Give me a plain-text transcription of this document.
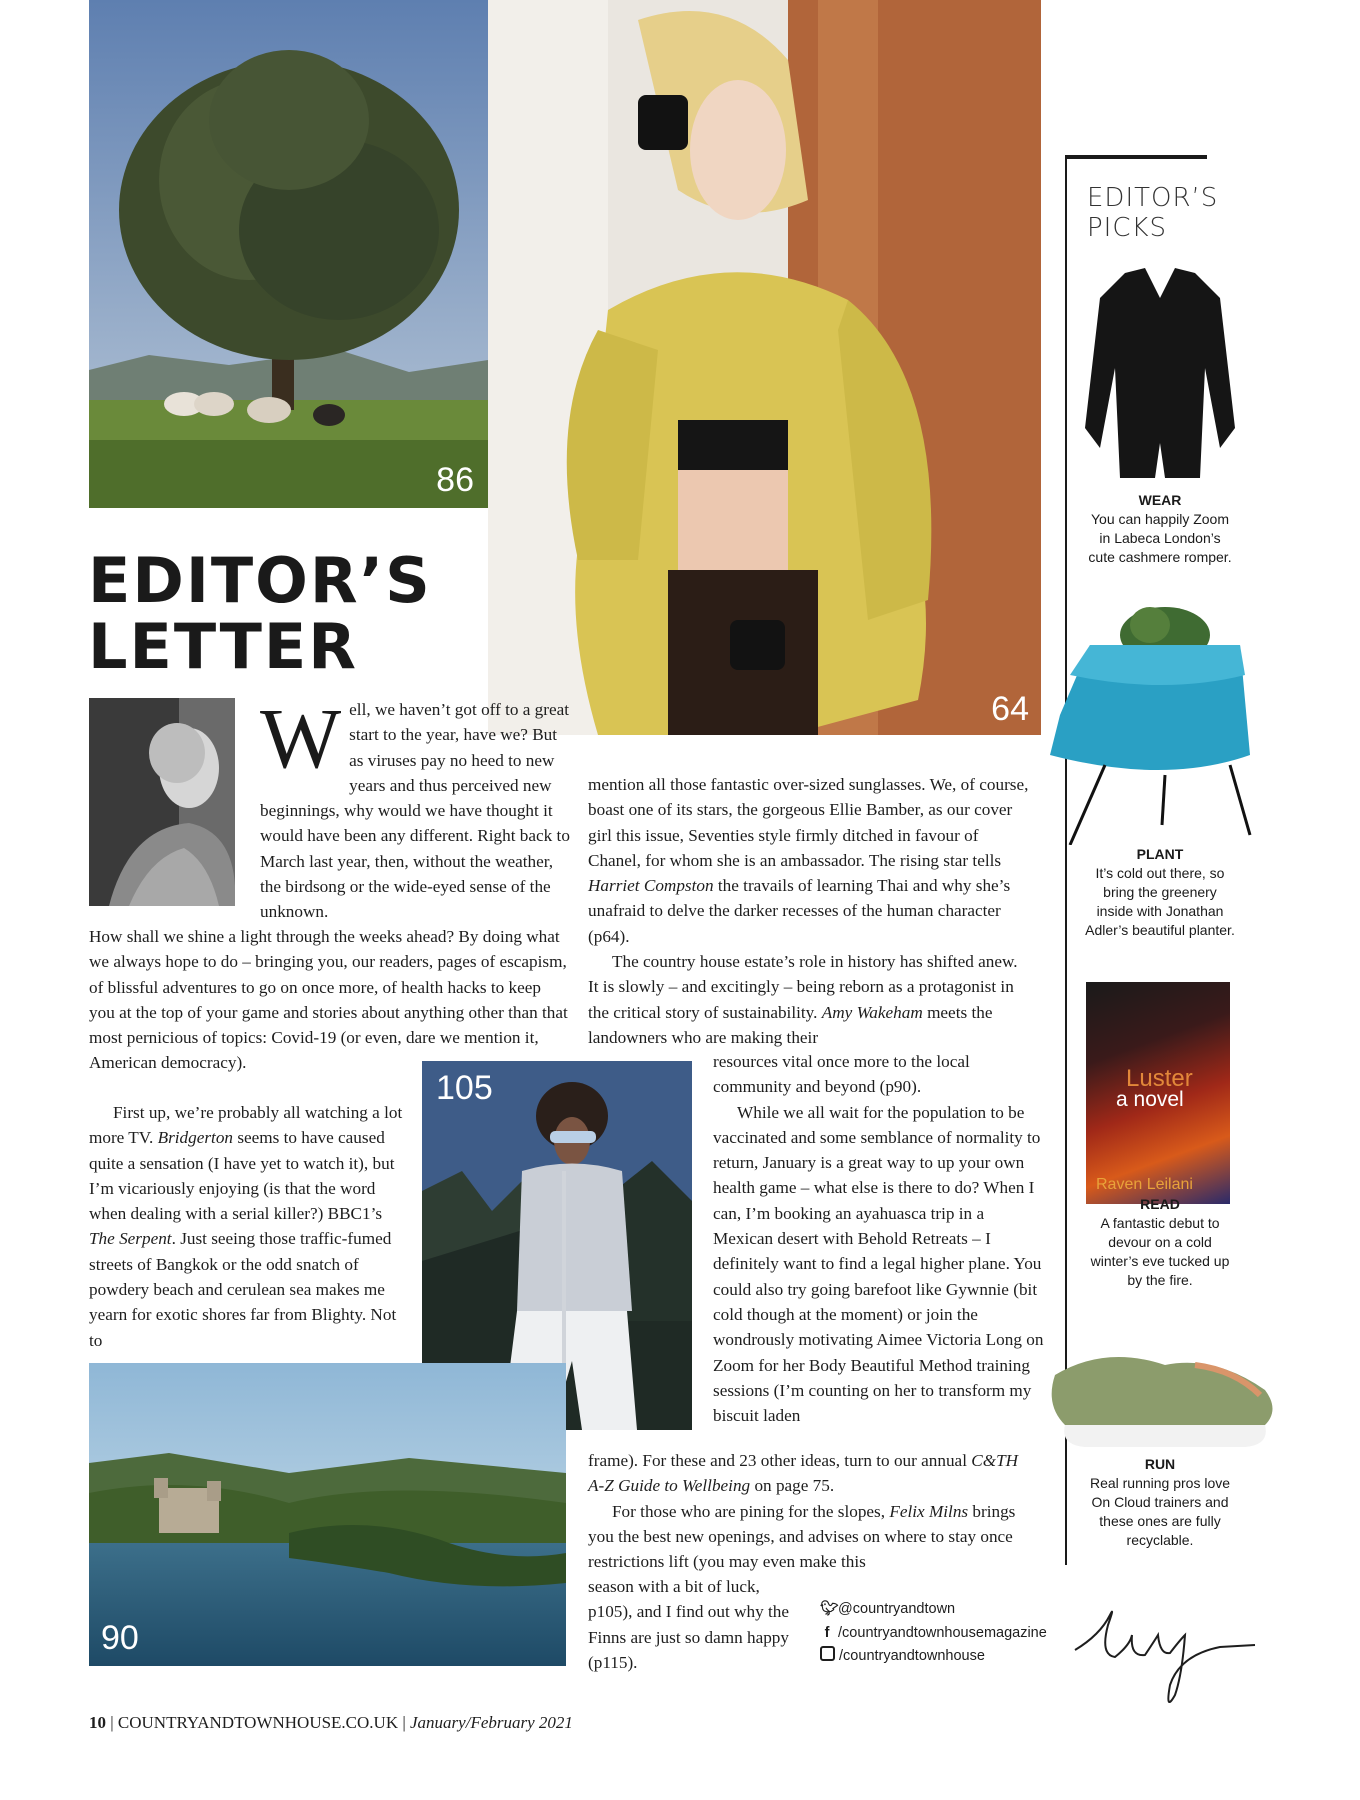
86
64
EDITOR’S
LETTER

Well, we haven’t got off to a great start to the year, have we? But as viruses pay no heed to new years and thus perceived new beginnings, why would we have thought it would have been any different. Right back to March last year, then, without the weather, the birdsong or the wide-eyed sense of the unknown.

How shall we shine a light through the weeks ahead? By doing what we always hope to do – bringing you, our readers, pages of escapism, of blissful adventures to go on once more, of health hacks to keep you at the top of your game and stories about anything other than that most pernicious of topics: Covid-19 (or even, dare we mention it, American democracy).

First up, we’re probably all watching a lot more TV. Bridgerton seems to have caused quite a sensation (I have yet to watch it), but I’m vicariously enjoying (is that the word when dealing with a serial killer?) BBC1’s The Serpent. Just seeing those traffic-fumed streets of Bangkok or the odd snatch of powdery beach and cerulean sea makes me yearn for exotic shores far from Blighty. Not to

mention all those fantastic over-sized sunglasses. We, of course, boast one of its stars, the gorgeous Ellie Bamber, as our cover girl this issue, Seventies style firmly ditched in favour of Chanel, for whom she is an ambassador. The rising star tells Harriet Compston the travails of learning Thai and why she’s unafraid to delve the darker recesses of the human character (p64).

The country house estate’s role in history has shifted anew. It is slowly – and excitingly – being reborn as a protagonist in the critical story of sustainability. Amy Wakeham meets the landowners who are making their

105

resources vital once more to the local community and beyond (p90).

While we all wait for the population to be vaccinated and some semblance of normality to return, January is a great way to up your own health game – what else is there to do? When I can, I’m booking an ayahuasca trip in a Mexican desert with Behold Retreats – I definitely want to find a legal higher plane. You could also try going barefoot like Gywnnie (bit cold though at the moment) or join the wondrously motivating Aimee Victoria Long on Zoom for her Body Beautiful Method training sessions (I’m counting on her to transform my biscuit laden

frame). For these and 23 other ideas, turn to our annual C&TH A-Z Guide to Wellbeing on page 75.

For those who are pining for the slopes, Felix Milns brings you the best new openings, and advises on where to stay once restrictions lift (you may even make this

season with a bit of luck, p105), and I find out why the Finns are just so damn happy (p115).

90
🐦︎ @countryandtown
f /countryandtownhousemagazine
/countryandtownhouse
EDITOR’S
PICKS
WEAR
You can happily Zoom in Labeca London’s cute cashmere romper.
PLANT
It’s cold out there, so bring the greenery inside with Jonathan Adler’s beautiful planter.
Luster
a novel
Raven Leilani
READ
A fantastic debut to devour on a cold winter’s eve tucked up by the fire.
RUN
Real running pros love On Cloud trainers and these ones are fully recyclable.
10 | COUNTRYANDTOWNHOUSE.CO.UK | January/February 2021
